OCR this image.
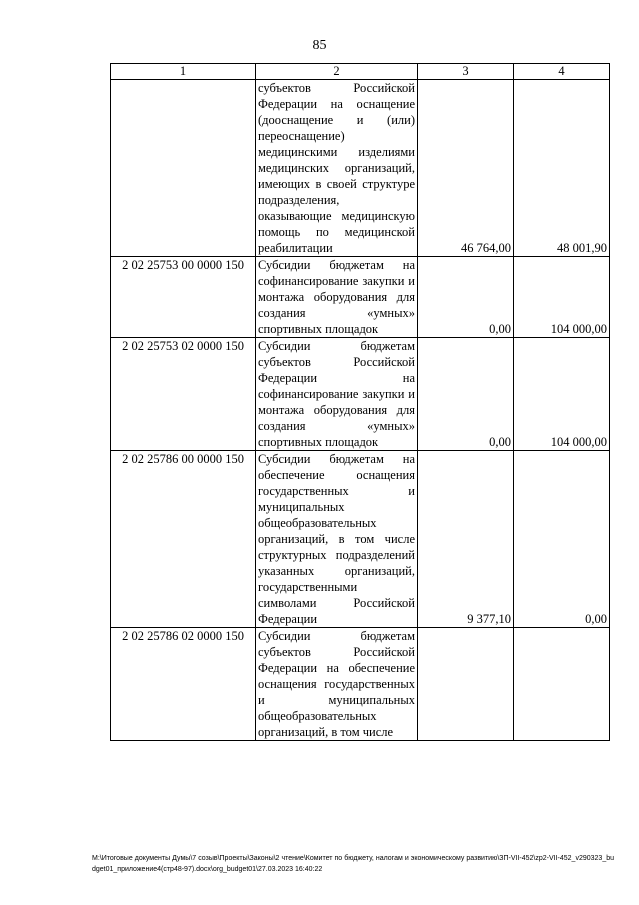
85
1	2	3	4
	субъектов Российской Федерации на оснащение (дооснащение и (или) переоснащение) медицинскими изделиями медицинских организаций, имеющих в своей структуре подразделения, оказывающие медицинскую помощь по медицинской реабилитации	46 764,00	48 001,90
2 02 25753 00 0000 150	Субсидии бюджетам на софинансирование закупки и монтажа оборудования для создания «умных» спортивных площадок	0,00	104 000,00
2 02 25753 02 0000 150	Субсидии бюджетам субъектов Российской Федерации на софинансирование закупки и монтажа оборудования для создания «умных» спортивных площадок	0,00	104 000,00
2 02 25786 00 0000 150	Субсидии бюджетам на обеспечение оснащения государственных и муниципальных общеобразовательных организаций, в том числе структурных подразделений указанных организаций, государственными символами Российской Федерации	9 377,10	0,00
2 02 25786 02 0000 150	Субсидии бюджетам субъектов Российской Федерации на обеспечение оснащения государственных и муниципальных общеобразовательных организаций, в том числе		
M:\Итоговые документы Думы\7 созыв\Проекты\Законы\2 чтение\Комитет по бюджету, налогам и экономическому развитию\ЗП-VII-452\zp2-VII-452_v290323_budget01_приложение4(стр48-97).docx\org_budget01\27.03.2023 16:40:22
